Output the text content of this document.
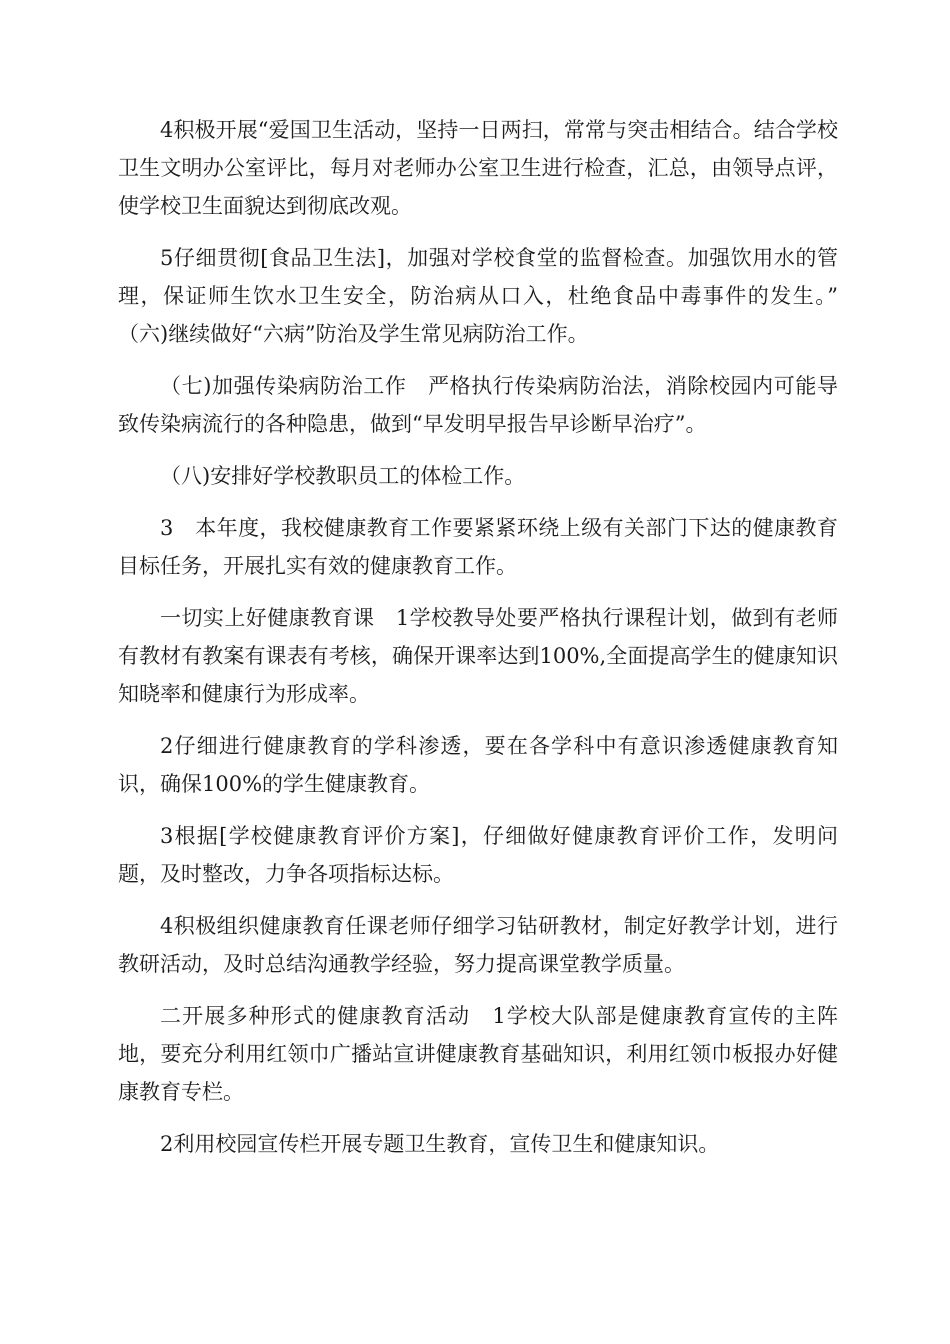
4积极开展“爱国卫生活动，坚持一日两扫，常常与突击相结合。结合学校卫生文明办公室评比，每月对老师办公室卫生进行检查，汇总，由领导点评，使学校卫生面貌达到彻底改观。

5仔细贯彻[食品卫生法]，加强对学校食堂的监督检查。加强饮用水的管理，保证师生饮水卫生安全，防治病从口入，杜绝食品中毒事件的发生。”　（六)继续做好“六病”防治及学生常见病防治工作。

（七)加强传染病防治工作　严格执行传染病防治法，消除校园内可能导致传染病流行的各种隐患，做到“早发明早报告早诊断早治疗”。

（八)安排好学校教职员工的体检工作。

3　本年度，我校健康教育工作要紧紧环绕上级有关部门下达的健康教育目标任务，开展扎实有效的健康教育工作。

一切实上好健康教育课　1学校教导处要严格执行课程计划，做到有老师有教材有教案有课表有考核，确保开课率达到100%,全面提高学生的健康知识知晓率和健康行为形成率。

2仔细进行健康教育的学科渗透，要在各学科中有意识渗透健康教育知识，确保100%的学生健康教育。

3根据[学校健康教育评价方案]，仔细做好健康教育评价工作，发明问题，及时整改，力争各项指标达标。

4积极组织健康教育任课老师仔细学习钻研教材，制定好教学计划，进行教研活动，及时总结沟通教学经验，努力提高课堂教学质量。

二开展多种形式的健康教育活动　1学校大队部是健康教育宣传的主阵地，要充分利用红领巾广播站宣讲健康教育基础知识，利用红领巾板报办好健康教育专栏。

2利用校园宣传栏开展专题卫生教育，宣传卫生和健康知识。
